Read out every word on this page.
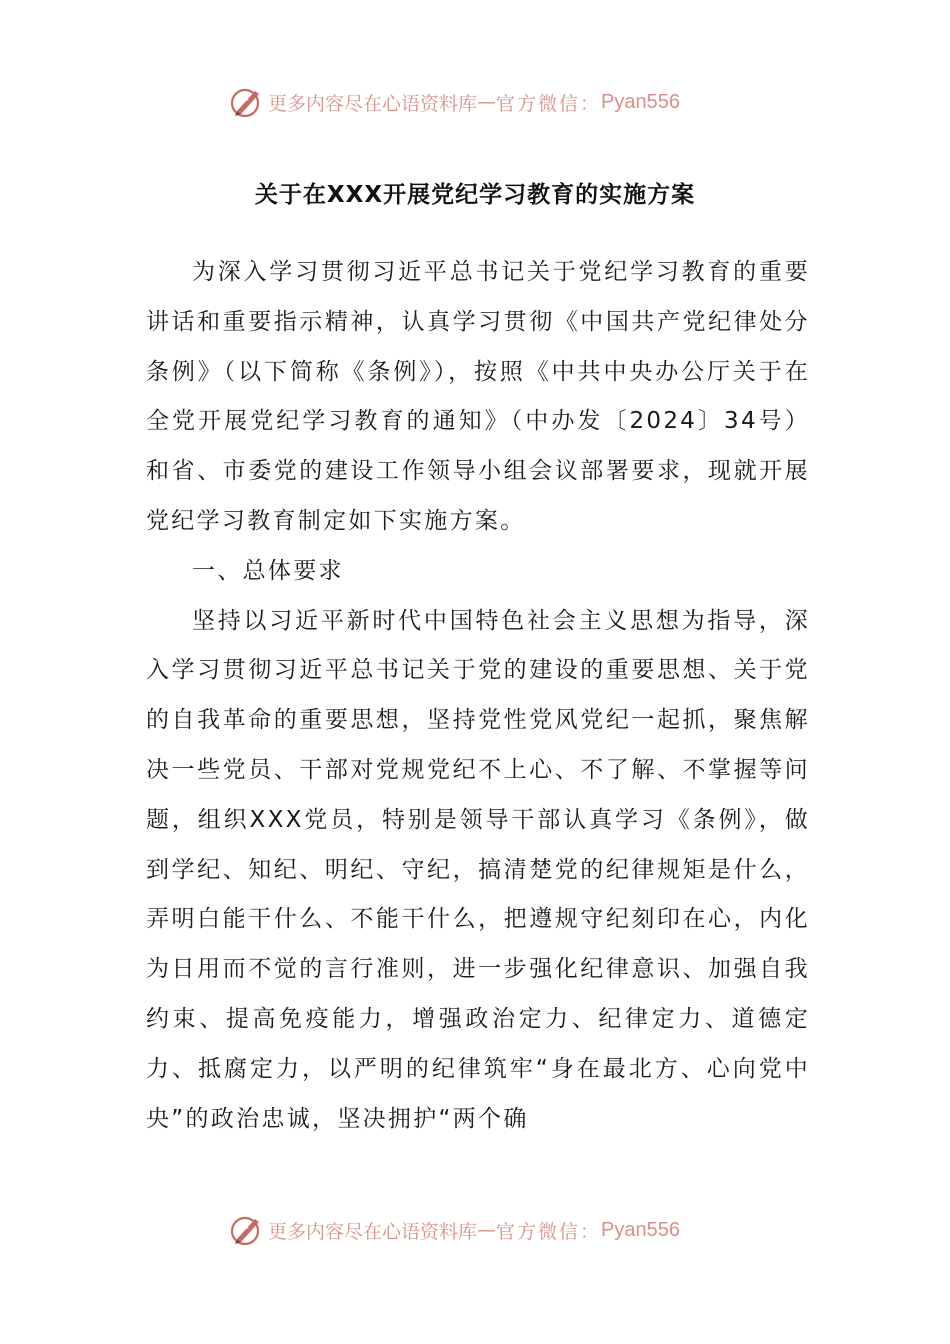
更多内容尽在心语资料库 — 官方微信： Pyan556
关于在XXX开展党纪学习教育的实施方案

为深入学习贯彻习近平总书记关于党纪学习教育的重要讲话和重要指示精神，认真学习贯彻《中国共产党纪律处分条例》（以下简称《条例》），按照《中共中央办公厅关于在全党开展党纪学习教育的通知》（中办发〔2024〕34号）和省、市委党的建设工作领导小组会议部署要求，现就开展党纪学习教育制定如下实施方案。

一、总体要求

坚持以习近平新时代中国特色社会主义思想为指导，深入学习贯彻习近平总书记关于党的建设的重要思想、关于党的自我革命的重要思想，坚持党性党风党纪一起抓，聚焦解决一些党员、干部对党规党纪不上心、不了解、不掌握等问题，组织XXX党员，特别是领导干部认真学习《条例》，做到学纪、知纪、明纪、守纪，搞清楚党的纪律规矩是什么，弄明白能干什么、不能干什么，把遵规守纪刻印在心，内化为日用而不觉的言行准则，进一步强化纪律意识、加强自我约束、提高免疫能力，增强政治定力、纪律定力、道德定力、抵腐定力，以严明的纪律筑牢“身在最北方、心向党中央”的政治忠诚，坚决拥护“两个确

更多内容尽在心语资料库 — 官方微信： Pyan556
